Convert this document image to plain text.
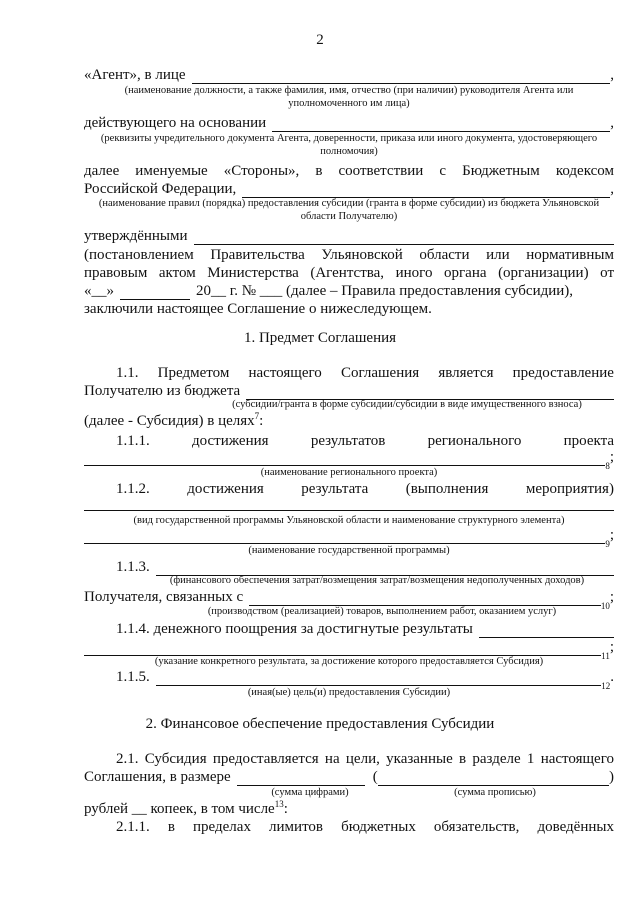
2
«Агент», в лице	,
(наименование должности, а также фамилия, имя, отчество (при наличии) руководителя Агента или уполномоченного им лица)
действующего на основании	,
(реквизиты учредительного документа Агента, доверенности, приказа или иного документа, удостоверяющего полномочия)
далее именуемые «Стороны», в соответствии с Бюджетным кодексом
Российской Федерации,	,
(наименование правил (порядка) предоставления субсидии (гранта в форме субсидии) из бюджета Ульяновской области Получателю)
утверждёнными
(постановлением Правительства Ульяновской области или нормативным
правовым актом Министерства (Агентства, иного органа (организации) от
«__»	20__ г. № ___ (далее – Правила предоставления субсидии),
заключили настоящее Соглашение о нижеследующем.
1. Предмет Соглашения
1.1. Предметом настоящего Соглашения является предоставление
Получателю из бюджета
(субсидии/гранта в форме субсидии/субсидии в виде имущественного взноса)
(далее - Субсидия) в целях$^7$:
1.1.1.	достижения	результатов	регионального	проекта
8
;
(наименование регионального проекта)
1.1.2.	достижения	результата	(выполнения	мероприятия)
(вид государственной программы Ульяновской области и наименование структурного элемента)
9
;
(наименование государственной программы)
1.1.3.
(финансового обеспечения затрат/возмещения затрат/возмещения недополученных доходов)
Получателя, связанных с
10
;
(производством (реализацией) товаров, выполнением работ, оказанием услуг)
1.1.4. денежного поощрения за достигнутые результаты
11
;
(указание конкретного результата, за достижение которого предоставляется Субсидия)
1.1.5.
12
.
(иная(ые) цель(и) предоставления Субсидии)
2. Финансовое обеспечение предоставления Субсидии
2.1. Субсидия предоставляется на цели, указанные в разделе 1 настоящего
Соглашения, в размере	(	)
(сумма цифрами)	(сумма прописью)
рублей __ копеек, в том числе$^{13}$:
2.1.1. в пределах лимитов бюджетных обязательств, доведённых
